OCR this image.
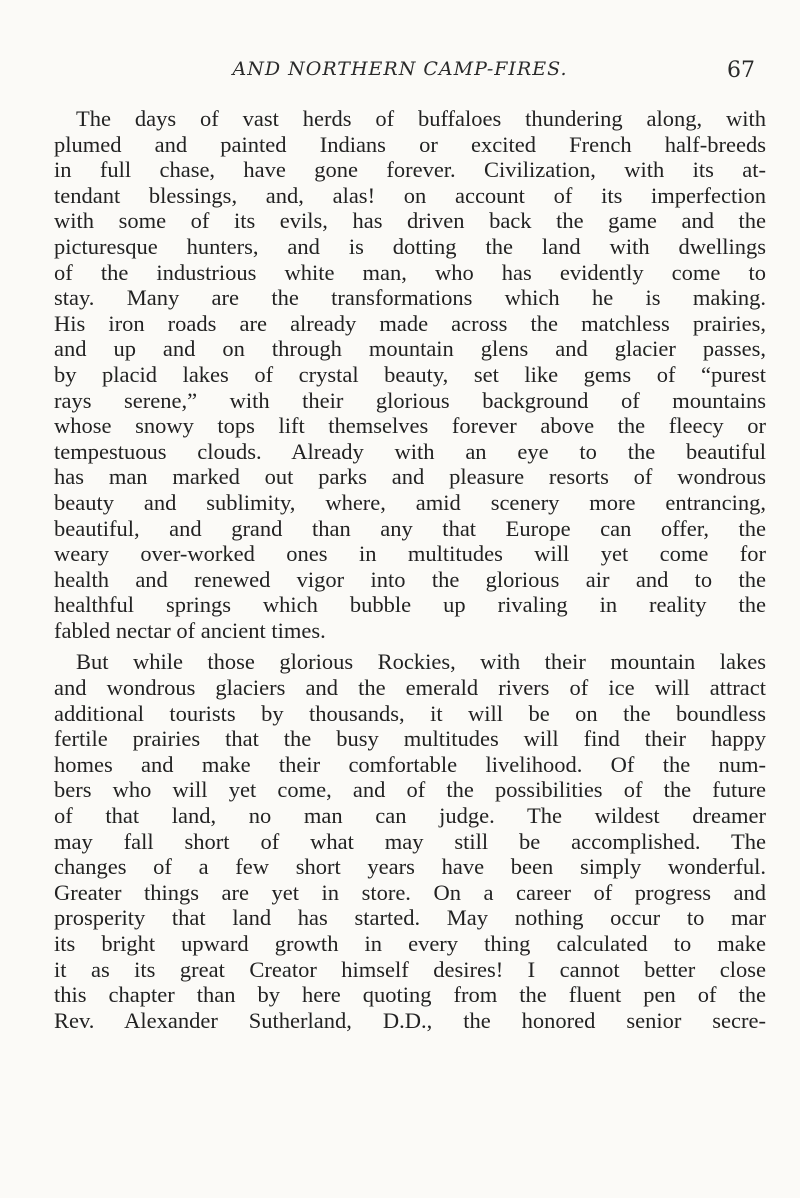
AND NORTHERN CAMP-FIRES.	67
The days of vast herds of buffaloes thundering along, with
plumed and painted Indians or excited French half-breeds
in full chase, have gone forever. Civilization, with its at-
tendant blessings, and, alas! on account of its imperfection
with some of its evils, has driven back the game and the
picturesque hunters, and is dotting the land with dwellings
of the industrious white man, who has evidently come to
stay. Many are the transformations which he is making.
His iron roads are already made across the matchless prairies,
and up and on through mountain glens and glacier passes,
by placid lakes of crystal beauty, set like gems of “purest
rays serene,” with their glorious background of mountains
whose snowy tops lift themselves forever above the fleecy or
tempestuous clouds. Already with an eye to the beautiful
has man marked out parks and pleasure resorts of wondrous
beauty and sublimity, where, amid scenery more entrancing,
beautiful, and grand than any that Europe can offer, the
weary over-worked ones in multitudes will yet come for
health and renewed vigor into the glorious air and to the
healthful springs which bubble up rivaling in reality the
fabled nectar of ancient times.
But while those glorious Rockies, with their mountain lakes
and wondrous glaciers and the emerald rivers of ice will attract
additional tourists by thousands, it will be on the boundless
fertile prairies that the busy multitudes will find their happy
homes and make their comfortable livelihood. Of the num-
bers who will yet come, and of the possibilities of the future
of that land, no man can judge. The wildest dreamer
may fall short of what may still be accomplished. The
changes of a few short years have been simply wonderful.
Greater things are yet in store. On a career of progress and
prosperity that land has started. May nothing occur to mar
its bright upward growth in every thing calculated to make
it as its great Creator himself desires! I cannot better close
this chapter than by here quoting from the fluent pen of the
Rev. Alexander Sutherland, D.D., the honored senior secre-
